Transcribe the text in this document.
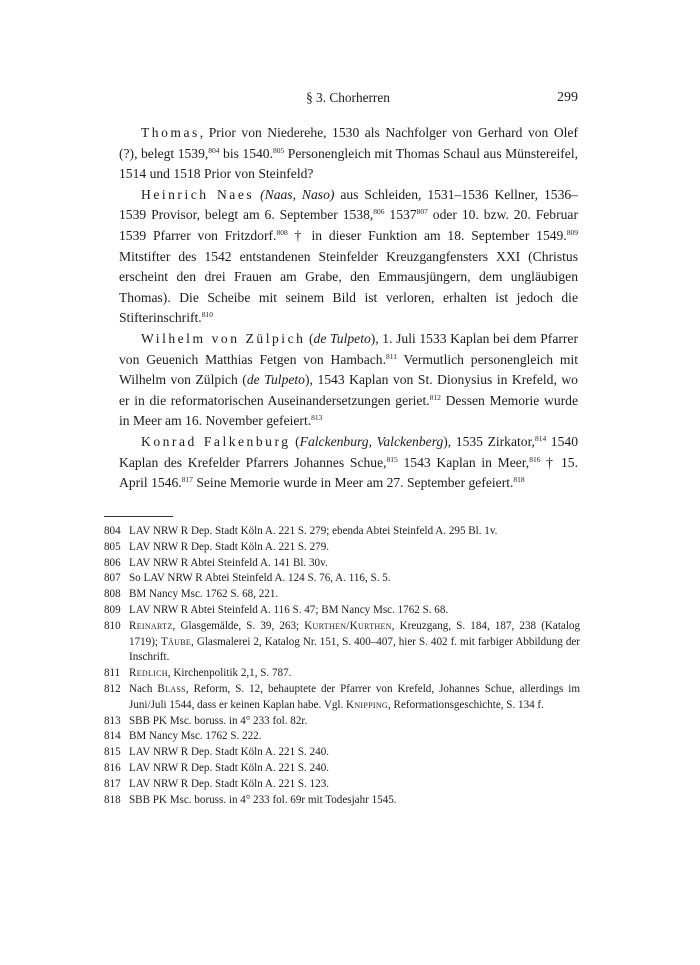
§ 3. Chorherren	299

Thomas, Prior von Niederehe, 1530 als Nachfolger von Gerhard von Olef (?), belegt 1539,$^{804}$ bis 1540.$^{805}$ Personengleich mit Thomas Schaul aus Münstereifel, 1514 und 1518 Prior von Steinfeld?

Heinrich Naes (Naas, Naso) aus Schleiden, 1531–1536 Kellner, 1536–1539 Provisor, belegt am 6. September 1538,$^{806}$ 1537$^{807}$ oder 10. bzw. 20. Februar 1539 Pfarrer von Fritzdorf.$^{808}$ † in dieser Funktion am 18. September 1549.$^{809}$ Mitstifter des 1542 entstandenen Steinfelder Kreuzgangfensters XXI (Christus erscheint den drei Frauen am Grabe, den Emmausjüngern, dem ungläubigen Thomas). Die Scheibe mit seinem Bild ist verloren, erhalten ist jedoch die Stifterinschrift.$^{810}$

Wilhelm von Zülpich (de Tulpeto), 1. Juli 1533 Kaplan bei dem Pfarrer von Geuenich Matthias Fetgen von Hambach.$^{811}$ Vermutlich personengleich mit Wilhelm von Zülpich (de Tulpeto), 1543 Kaplan von St. Dionysius in Krefeld, wo er in die reformatorischen Auseinandersetzungen geriet.$^{812}$ Dessen Memorie wurde in Meer am 16. November gefeiert.$^{813}$

Konrad Falkenburg (Falckenburg, Valckenberg), 1535 Zirkator,$^{814}$ 1540 Kaplan des Krefelder Pfarrers Johannes Schue,$^{815}$ 1543 Kaplan in Meer,$^{816}$ † 15. April 1546.$^{817}$ Seine Memorie wurde in Meer am 27. September gefeiert.$^{818}$

804 LAV NRW R Dep. Stadt Köln A. 221 S. 279; ebenda Abtei Steinfeld A. 295 Bl. 1v.
805 LAV NRW R Dep. Stadt Köln A. 221 S. 279.
806 LAV NRW R Abtei Steinfeld A. 141 Bl. 30v.
807 So LAV NRW R Abtei Steinfeld A. 124 S. 76, A. 116, S. 5.
808 BM Nancy Msc. 1762 S. 68, 221.
809 LAV NRW R Abtei Steinfeld A. 116 S. 47; BM Nancy Msc. 1762 S. 68.
810 Reinartz, Glasgemälde, S. 39, 263; Kurthen/Kurthen, Kreuzgang, S. 184, 187, 238 (Katalog 1719); Täube, Glasmalerei 2, Katalog Nr. 151, S. 400–407, hier S. 402 f. mit farbiger Abbildung der Inschrift.
811 Redlich, Kirchenpolitik 2,1, S. 787.
812 Nach Blass, Reform, S. 12, behauptete der Pfarrer von Krefeld, Johannes Schue, allerdings im Juni/Juli 1544, dass er keinen Kaplan habe. Vgl. Knipping, Reformationsgeschichte, S. 134 f.
813 SBB PK Msc. boruss. in 4° 233 fol. 82r.
814 BM Nancy Msc. 1762 S. 222.
815 LAV NRW R Dep. Stadt Köln A. 221 S. 240.
816 LAV NRW R Dep. Stadt Köln A. 221 S. 240.
817 LAV NRW R Dep. Stadt Köln A. 221 S. 123.
818 SBB PK Msc. boruss. in 4° 233 fol. 69r mit Todesjahr 1545.
